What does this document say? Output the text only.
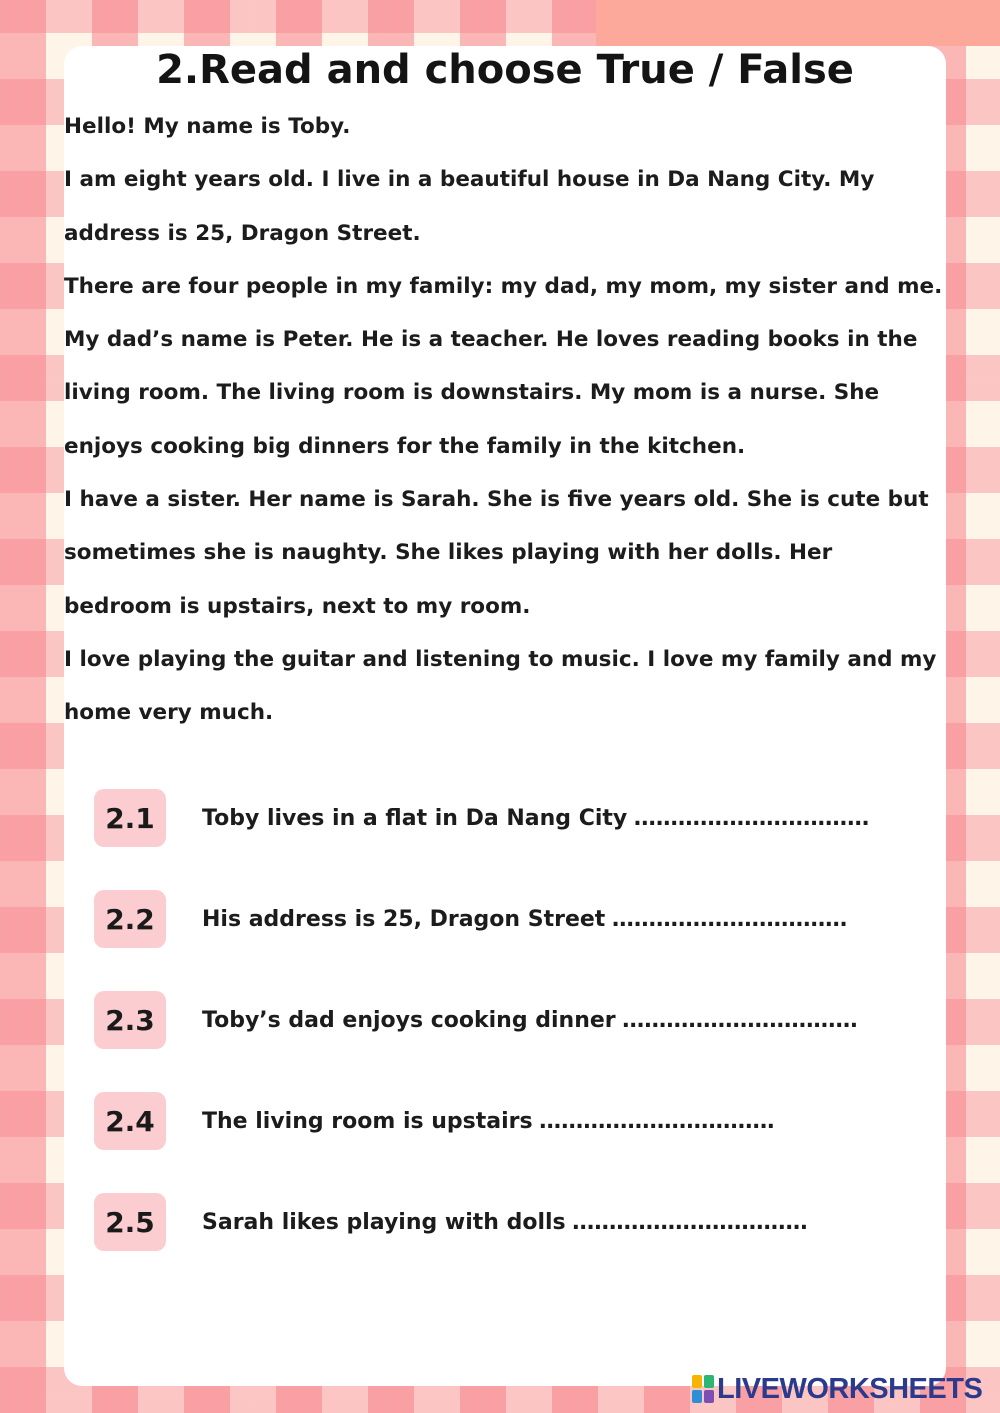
2.Read and choose True / False

Hello! My name is Toby.

I am eight years old. I live in a beautiful house in Da Nang City. My address is 25, Dragon Street.

There are four people in my family: my dad, my mom, my sister and me. My dad’s name is Peter. He is a teacher. He loves reading books in the living room. The living room is downstairs. My mom is a nurse. She enjoys cooking big dinners for the family in the kitchen.

I have a sister. Her name is Sarah. She is five years old. She is cute but sometimes she is naughty. She likes playing with her dolls. Her bedroom is upstairs, next to my room.

I love playing the guitar and listening to music. I love my family and my home very much.

2.1	Toby lives in a flat in Da Nang City ................................
2.2	His address is 25, Dragon Street ................................
2.3	Toby’s dad enjoys cooking dinner ................................
2.4	The living room is upstairs ................................
2.5	Sarah likes playing with dolls ................................
LIVEWORKSHEETS
